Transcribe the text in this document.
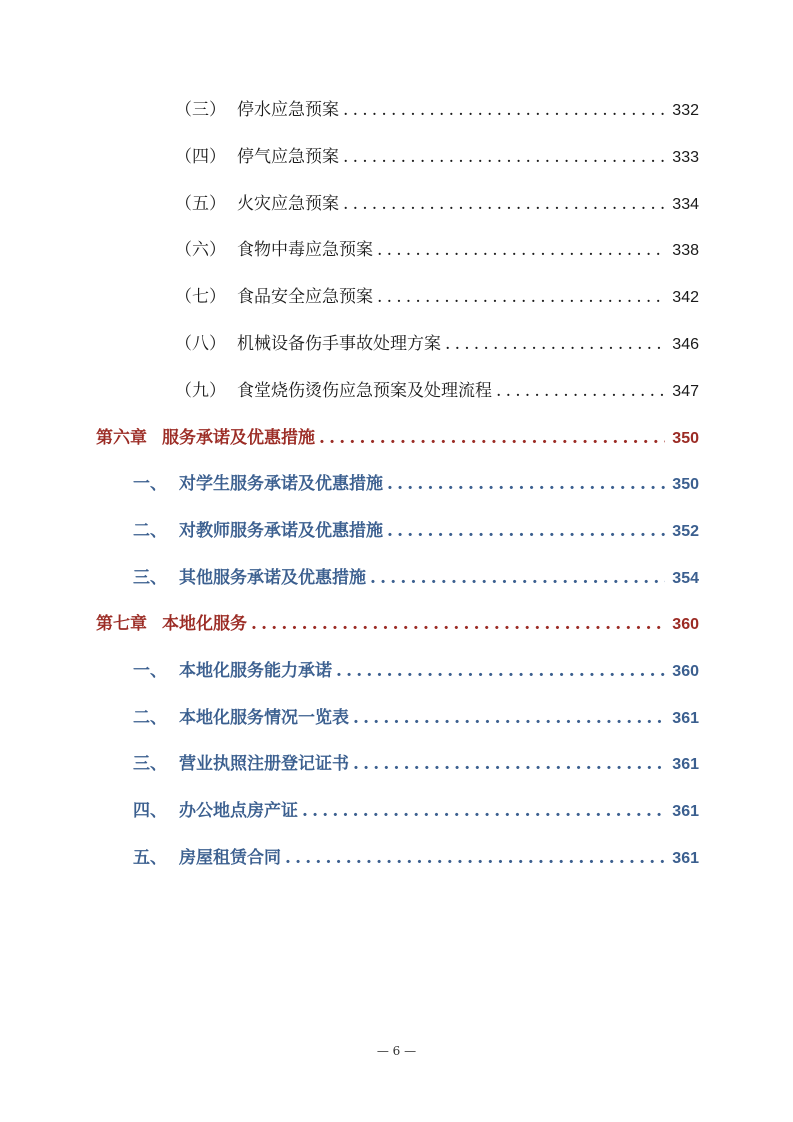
（三） 停水应急预案 .....	332
（四） 停气应急预案 .....	333
（五） 火灾应急预案 .....	334
（六） 食物中毒应急预案 .....	338
（七） 食品安全应急预案 .....	342
（八） 机械设备伤手事故处理方案 .....	346
（九） 食堂烧伤烫伤应急预案及处理流程 .....	347
第六章 服务承诺及优惠措施 .....	350
一、 对学生服务承诺及优惠措施 .....	350
二、 对教师服务承诺及优惠措施 .....	352
三、 其他服务承诺及优惠措施 .....	354
第七章 本地化服务 .....	360
一、 本地化服务能力承诺 .....	360
二、 本地化服务情况一览表 .....	361
三、 营业执照注册登记证书 .....	361
四、 办公地点房产证 .....	361
五、 房屋租赁合同 .....	361
— 6 —
